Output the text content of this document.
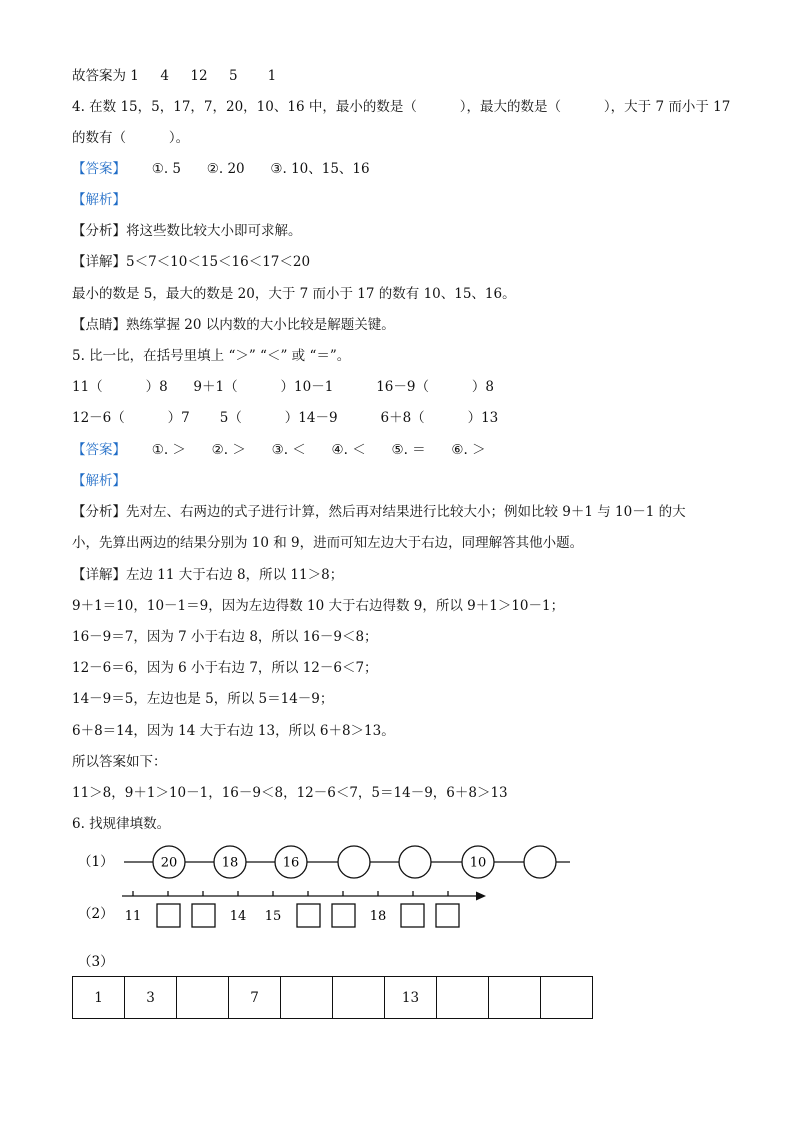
故答案为 1     4     12     5       1
4. 在数 15，5，17，7，20，10、16 中，最小的数是（          ），最大的数是（          ），大于 7 而小于 17
的数有（          ）。
【答案】      ①. 5      ②. 20      ③. 10、15、16
【解析】
【分析】将这些数比较大小即可求解。
【详解】5＜7＜10＜15＜16＜17＜20
最小的数是 5，最大的数是 20，大于 7 而小于 17 的数有 10、15、16。
【点睛】熟练掌握 20 以内数的大小比较是解题关键。
5. 比一比，在括号里填上 “＞” “＜” 或 “＝”。
11（          ）8      9＋1（          ）10－1          16－9（          ）8
12－6（          ）7       5（          ）14－9          6＋8（          ）13
【答案】      ①. ＞      ②. ＞      ③. ＜      ④. ＜      ⑤. ＝      ⑥. ＞
【解析】
【分析】先对左、右两边的式子进行计算，然后再对结果进行比较大小；例如比较 9＋1 与 10－1 的大
小，先算出两边的结果分别为 10 和 9，进而可知左边大于右边，同理解答其他小题。
【详解】左边 11 大于右边 8，所以 11＞8；
9＋1＝10，10－1＝9，因为左边得数 10 大于右边得数 9，所以 9＋1＞10－1；
16－9＝7，因为 7 小于右边 8，所以 16－9＜8；
12－6＝6，因为 6 小于右边 7，所以 12－6＜7；
14－9＝5，左边也是 5，所以 5＝14－9；
6＋8＝14，因为 14 大于右边 13，所以 6＋8＞13。
所以答案如下：
11＞8，9＋1＞10－1，16－9＜8，12－6＜7，5＝14－9，6＋8＞13
6. 找规律填数。
（1）	20	18	16	10
（2） 11	14 15	18
（3）
1	3		7			13			
